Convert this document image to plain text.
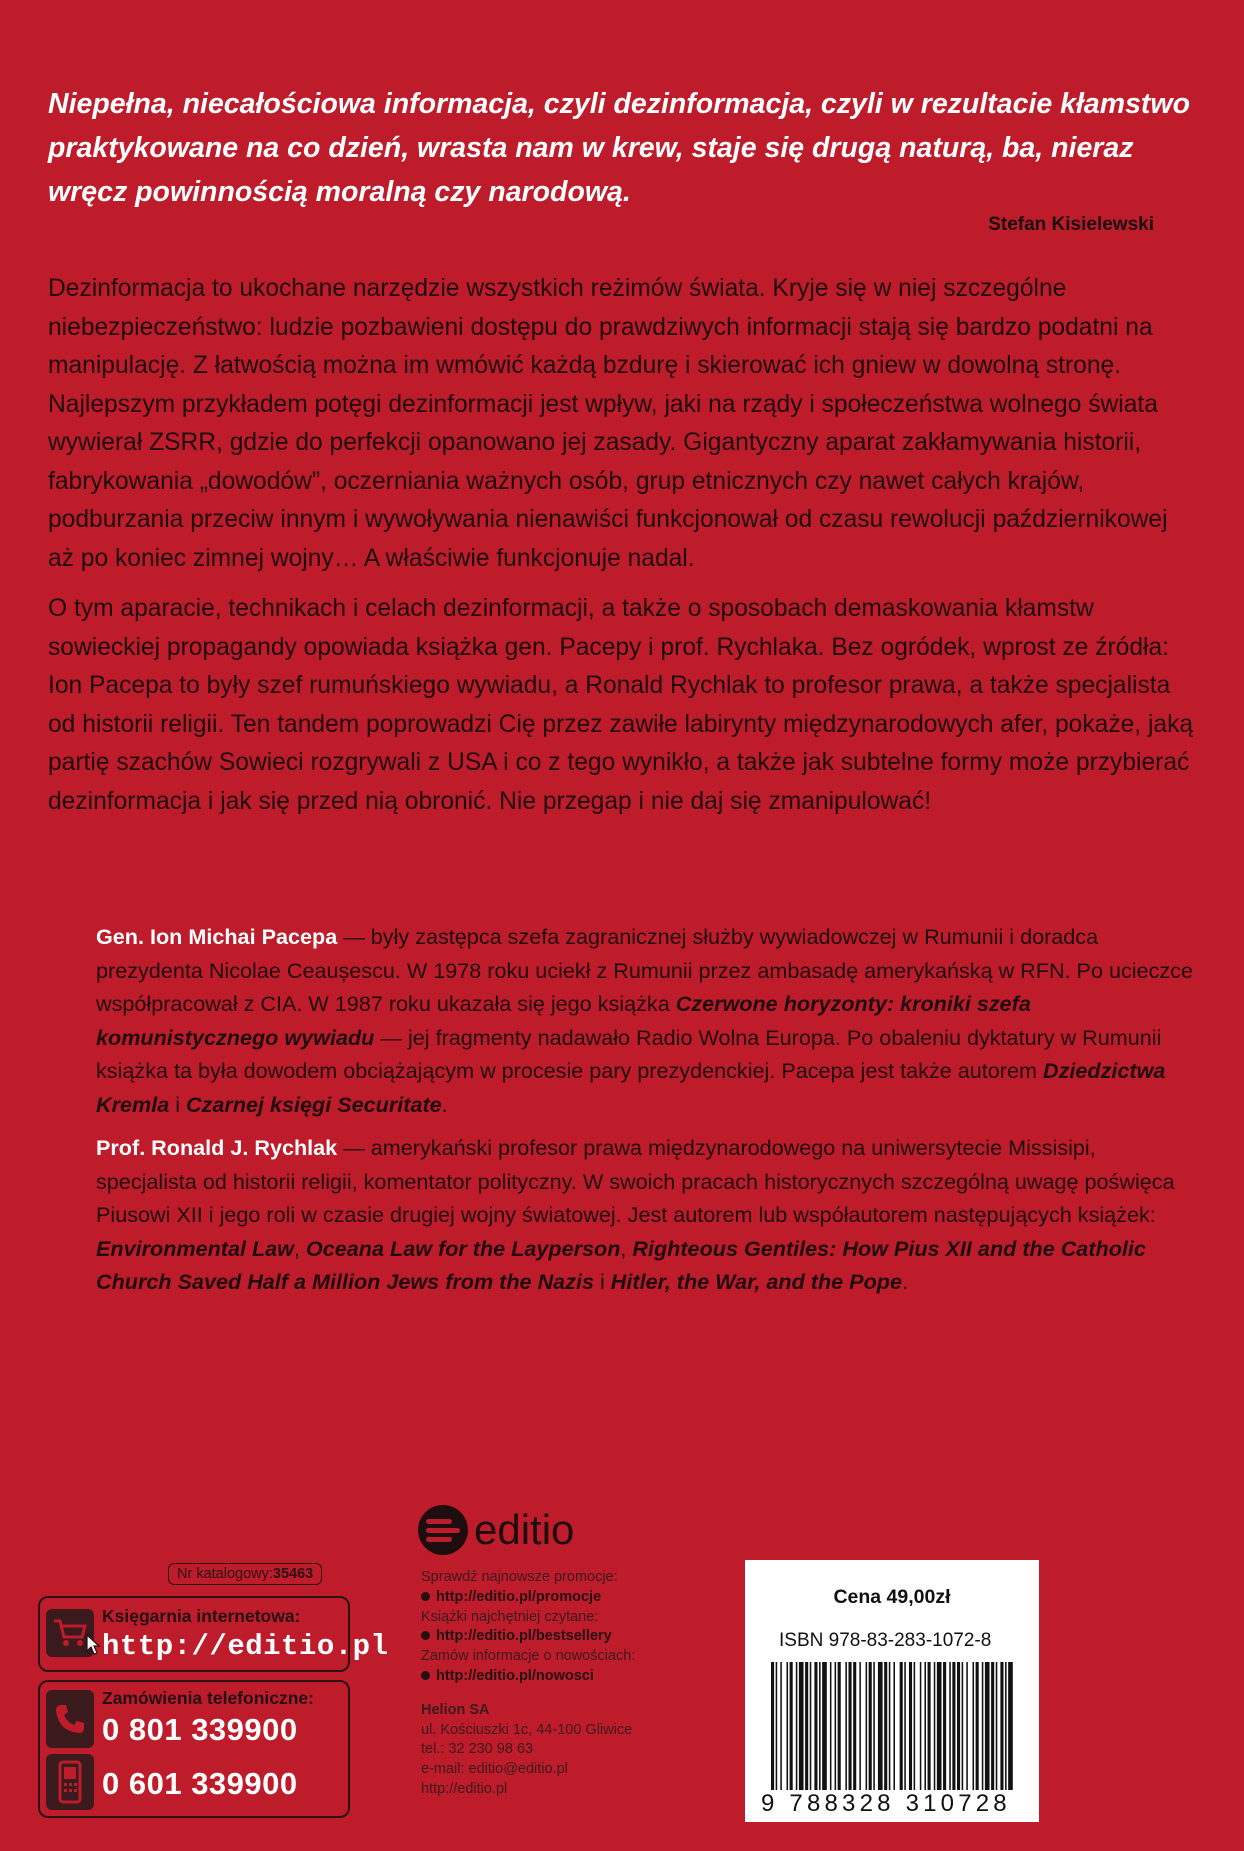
Niepełna, niecałościowa informacja, czyli dezinformacja, czyli w rezultacie kłamstwo praktykowane na co dzień, wrasta nam w krew, staje się drugą naturą, ba, nieraz wręcz powinnością moralną czy narodową.

Stefan Kisielewski

Dezinformacja to ukochane narzędzie wszystkich reżimów świata. Kryje się w niej szczególne niebezpieczeństwo: ludzie pozbawieni dostępu do prawdziwych informacji stają się bardzo podatni na manipulację. Z łatwością można im wmówić każdą bzdurę i skierować ich gniew w dowolną stronę. Najlepszym przykładem potęgi dezinformacji jest wpływ, jaki na rządy i społeczeństwa wolnego świata wywierał ZSRR, gdzie do perfekcji opanowano jej zasady. Gigantyczny aparat zakłamywania historii, fabrykowania „dowodów”, oczerniania ważnych osób, grup etnicznych czy nawet całych krajów, podburzania przeciw innym i wywoływania nienawiści funkcjonował od czasu rewolucji październikowej aż po koniec zimnej wojny… A właściwie funkcjonuje nadal.

O tym aparacie, technikach i celach dezinformacji, a także o sposobach demaskowania kłamstw sowieckiej propagandy opowiada książka gen. Pacepy i prof. Rychlaka. Bez ogródek, wprost ze źródła: Ion Pacepa to były szef rumuńskiego wywiadu, a Ronald Rychlak to profesor prawa, a także specjalista od historii religii. Ten tandem poprowadzi Cię przez zawiłe labirynty międzynarodowych afer, pokaże, jaką partię szachów Sowieci rozgrywali z USA i co z tego wynikło, a także jak subtelne formy może przybierać dezinformacja i jak się przed nią obronić. Nie przegap i nie daj się zmanipulować!

Gen. Ion Michai Pacepa — były zastępca szefa zagranicznej służby wywiadowczej w Rumunii i doradca prezydenta Nicolae Ceaușescu. W 1978 roku uciekł z Rumunii przez ambasadę amerykańską w RFN. Po ucieczce współpracował z CIA. W 1987 roku ukazała się jego książka Czerwone horyzonty: kroniki szefa komunistycznego wywiadu — jej fragmenty nadawało Radio Wolna Europa. Po obaleniu dyktatury w Rumunii książka ta była dowodem obciążającym w procesie pary prezydenckiej. Pacepa jest także autorem Dziedzictwa Kremla i Czarnej księgi Securitate.

Prof. Ronald J. Rychlak — amerykański profesor prawa międzynarodowego na uniwersytecie Missisipi, specjalista od historii religii, komentator polityczny. W swoich pracach historycznych szczególną uwagę poświęca Piusowi XII i jego roli w czasie drugiej wojny światowej. Jest autorem lub współautorem następujących książek: Environmental Law, Oceana Law for the Layperson, Righteous Gentiles: How Pius XII and the Catholic Church Saved Half a Million Jews from the Nazis i Hitler, the War, and the Pope.

editio
Nr katalogowy:35463
Księgarnia internetowa:
http://editio.pl
Zamówienia telefoniczne:
0 801 339900
0 601 339900
Sprawdź najnowsze promocje:
http://editio.pl/promocje
Książki najchętniej czytane:
http://editio.pl/bestsellery
Zamów informacje o nowościach:
http://editio.pl/nowosci
Helion SA
ul. Kościuszki 1c, 44-100 Gliwice
tel.: 32 230 98 63
e-mail: editio@editio.pl
http://editio.pl
Cena 49,00zł
ISBN 978-83-283-1072-8
9 788328 310728
